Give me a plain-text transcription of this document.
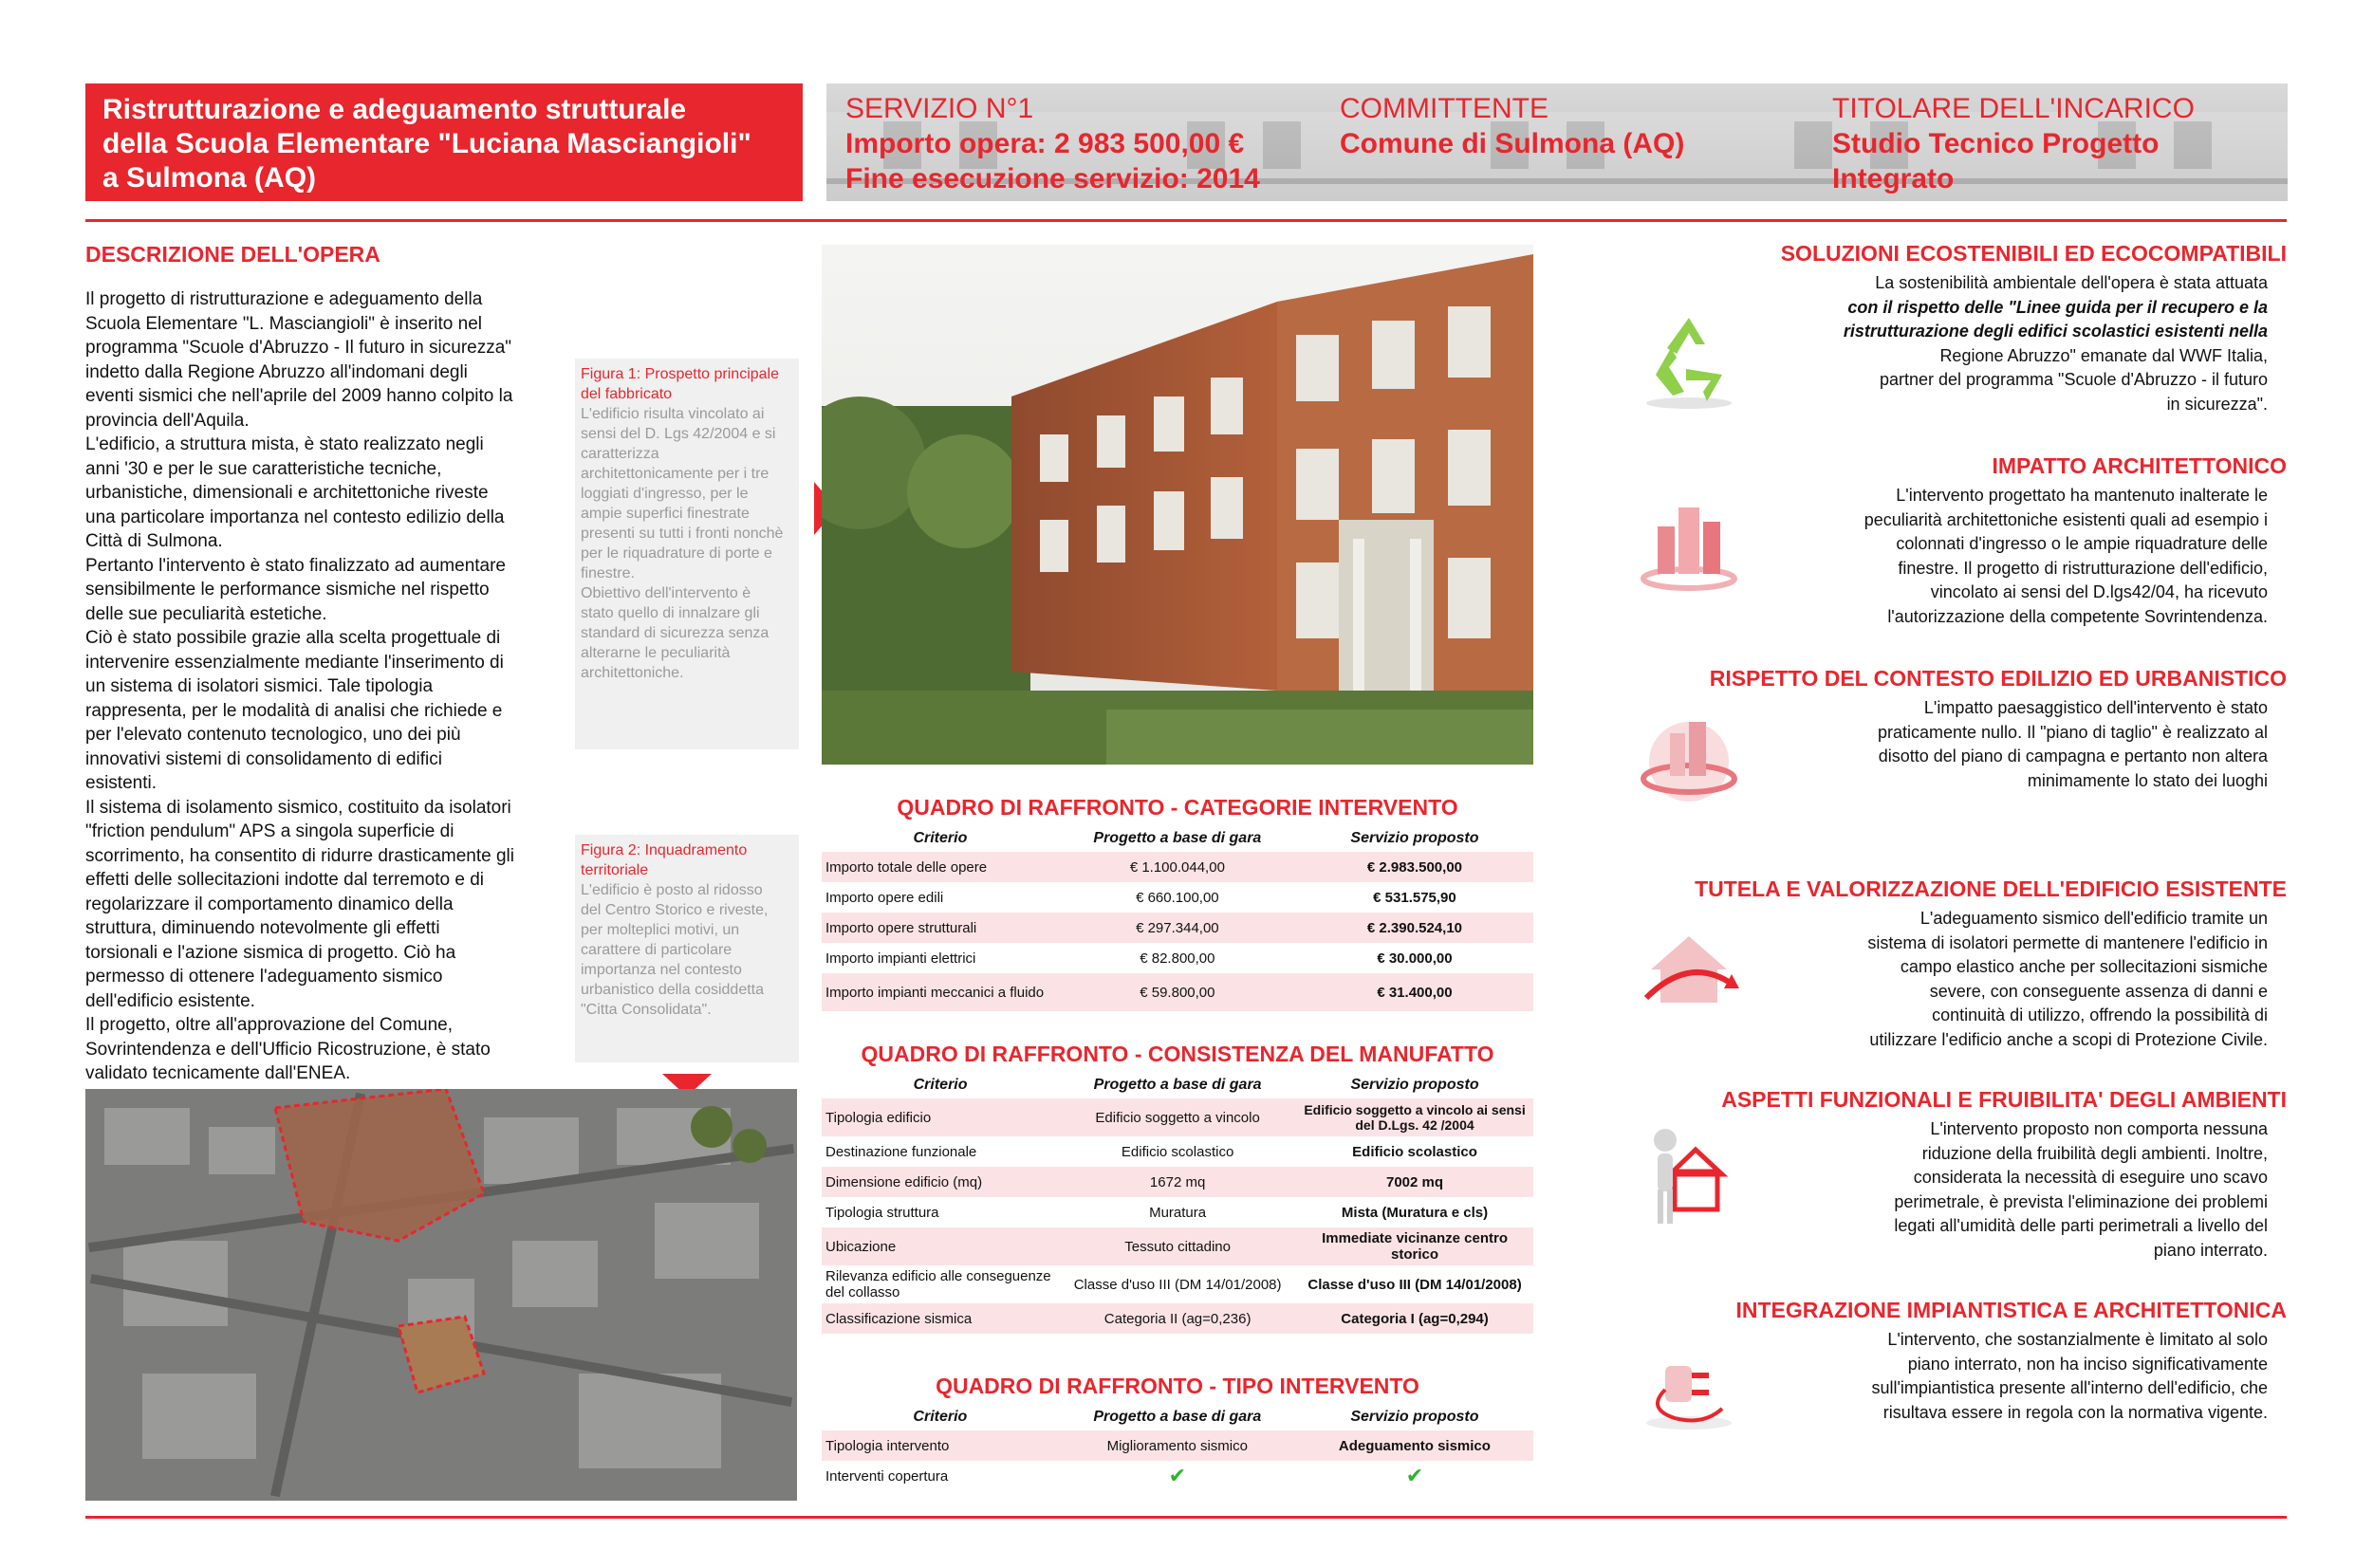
Ristrutturazione e adeguamento strutturale
della Scuola Elementare "Luciana Masciangioli"
a Sulmona (AQ)
SERVIZIO N°1
Importo opera: 2 983 500,00 €
Fine esecuzione servizio: 2014
COMMITTENTE
Comune di Sulmona (AQ)
TITOLARE DELL'INCARICO
Studio Tecnico Progetto
Integrato
DESCRIZIONE DELL'OPERA
Il progetto di ristrutturazione e adeguamento della
Scuola Elementare "L. Masciangioli" è inserito nel
programma "Scuole d'Abruzzo - Il futuro in sicurezza"
indetto dalla Regione Abruzzo all'indomani degli
eventi sismici che nell'aprile del 2009 hanno colpito la
provincia dell'Aquila.
L'edificio, a struttura mista, è stato realizzato negli
anni '30 e per le sue caratteristiche tecniche,
urbanistiche, dimensionali e architettoniche riveste
una particolare importanza nel contesto edilizio della
Città di Sulmona.
Pertanto l'intervento è stato finalizzato ad aumentare
sensibilmente le performance sismiche nel rispetto
delle sue peculiarità estetiche.
Ciò è stato possibile grazie alla scelta progettuale di
intervenire essenzialmente mediante l'inserimento di
un sistema di isolatori sismici. Tale tipologia
rappresenta, per le modalità di analisi che richiede e
per l'elevato contenuto tecnologico, uno dei più
innovativi sistemi di consolidamento di edifici
esistenti.
Il sistema di isolamento sismico, costituito da isolatori
"friction pendulum" APS a singola superficie di
scorrimento, ha consentito di ridurre drasticamente gli
effetti delle sollecitazioni indotte dal terremoto e di
regolarizzare il comportamento dinamico della
struttura, diminuendo notevolmente gli effetti
torsionali e l'azione sismica di progetto. Ciò ha
permesso di ottenere l'adeguamento sismico
dell'edificio esistente.
Il progetto, oltre all'approvazione del Comune,
Sovrintendenza e dell'Ufficio Ricostruzione, è stato
validato tecnicamente dall'ENEA.
Figura 1: Prospetto principale
del fabbricato
L'edificio risulta vincolato ai
sensi del D. Lgs 42/2004 e si
caratterizza
architettonicamente per i tre
loggiati d'ingresso, per le
ampie superfici finestrate
presenti su tutti i fronti nonchè
per le riquadrature di porte e
finestre.
Obiettivo dell'intervento è
stato quello di innalzare gli
standard di sicurezza senza
alterarne le peculiarità
architettoniche.
Figura 2: Inquadramento
territoriale
L'edificio è posto al ridosso
del Centro Storico e riveste,
per molteplici motivi, un
carattere di particolare
importanza nel contesto
urbanistico della cosiddetta
"Citta Consolidata".
QUADRO DI RAFFRONTO - CATEGORIE INTERVENTO
Criterio	Progetto a base di gara	Servizio proposto
Importo totale delle opere	€ 1.100.044,00	€ 2.983.500,00
Importo opere edili	€ 660.100,00	€ 531.575,90
Importo opere strutturali	€ 297.344,00	€ 2.390.524,10
Importo impianti elettrici	€ 82.800,00	€ 30.000,00
Importo impianti meccanici a fluido	€ 59.800,00	€ 31.400,00
QUADRO DI RAFFRONTO - CONSISTENZA DEL MANUFATTO
Criterio	Progetto a base di gara	Servizio proposto
Tipologia edificio	Edificio soggetto a vincolo	Edificio soggetto a vincolo ai sensi del D.Lgs. 42 /2004
Destinazione funzionale	Edificio scolastico	Edificio scolastico
Dimensione edificio (mq)	1672 mq	7002 mq
Tipologia struttura	Muratura	Mista (Muratura e cls)
Ubicazione	Tessuto cittadino	Immediate vicinanze centro storico
Rilevanza edificio alle conseguenze del collasso	Classe d'uso III (DM 14/01/2008)	Classe d'uso III (DM 14/01/2008)
Classificazione sismica	Categoria II (ag=0,236)	Categoria I (ag=0,294)
QUADRO DI RAFFRONTO - TIPO INTERVENTO
Criterio	Progetto a base di gara	Servizio proposto
Tipologia intervento	Miglioramento sismico	Adeguamento sismico
Interventi copertura	✔	✔
SOLUZIONI ECOSTENIBILI ED ECOCOMPATIBILI
La sostenibilità ambientale dell'opera è stata attuata
con il rispetto delle "Linee guida per il recupero e la
ristrutturazione degli edifici scolastici esistenti nella
Regione Abruzzo" emanate dal WWF Italia,
partner del programma "Scuole d'Abruzzo - il futuro
in sicurezza".
IMPATTO ARCHITETTONICO
L'intervento progettato ha mantenuto inalterate le
peculiarità architettoniche esistenti quali ad esempio i
colonnati d'ingresso o le ampie riquadrature delle
finestre. Il progetto di ristrutturazione dell'edificio,
vincolato ai sensi del D.lgs42/04, ha ricevuto
l'autorizzazione della competente Sovrintendenza.
RISPETTO DEL CONTESTO EDILIZIO ED URBANISTICO
L'impatto paesaggistico dell'intervento è stato
praticamente nullo. Il "piano di taglio" è realizzato al
disotto del piano di campagna e pertanto non altera
minimamente lo stato dei luoghi
TUTELA E VALORIZZAZIONE DELL'EDIFICIO ESISTENTE
L'adeguamento sismico dell'edificio tramite un
sistema di isolatori permette di mantenere l'edificio in
campo elastico anche per sollecitazioni sismiche
severe, con conseguente assenza di danni e
continuità di utilizzo, offrendo la possibilità di
utilizzare l'edificio anche a scopi di Protezione Civile.
ASPETTI FUNZIONALI E FRUIBILITA' DEGLI AMBIENTI
L'intervento proposto non comporta nessuna
riduzione della fruibilità degli ambienti. Inoltre,
considerata la necessità di eseguire uno scavo
perimetrale, è prevista l'eliminazione dei problemi
legati all'umidità delle parti perimetrali a livello del
piano interrato.
INTEGRAZIONE IMPIANTISTICA E ARCHITETTONICA
L'intervento, che sostanzialmente è limitato al solo
piano interrato, non ha inciso significativamente
sull'impiantistica presente all'interno dell'edificio, che
risultava essere in regola con la normativa vigente.
